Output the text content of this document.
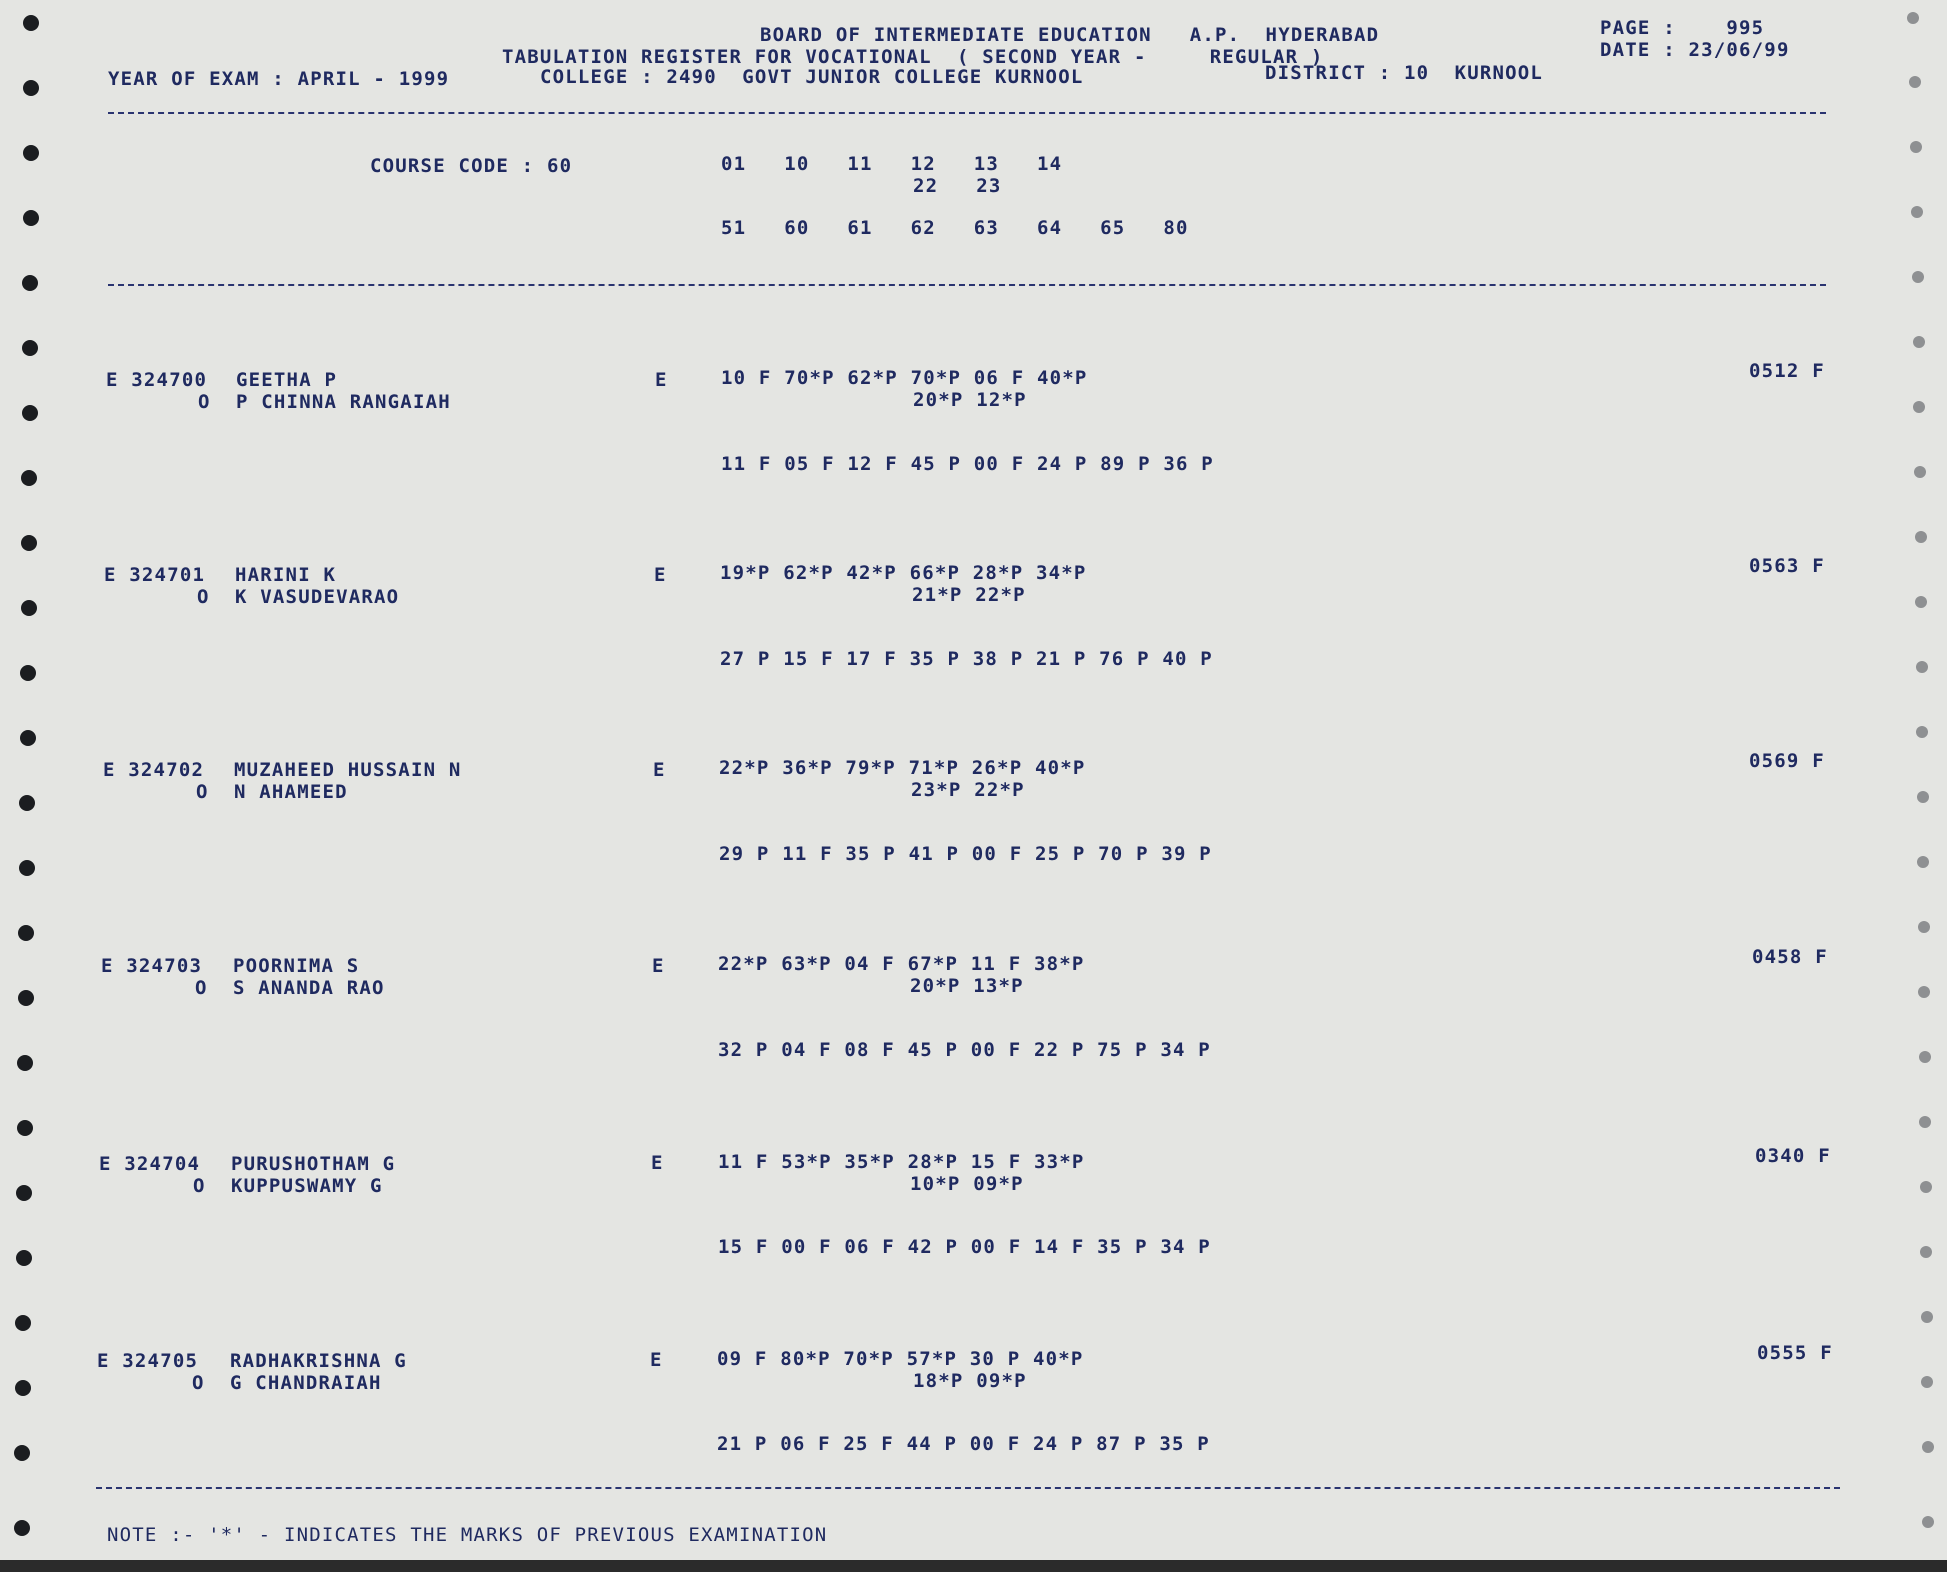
BOARD OF INTERMEDIATE EDUCATION   A.P.  HYDERABAD
TABULATION REGISTER FOR VOCATIONAL  ( SECOND YEAR -     REGULAR )
YEAR OF EXAM : APRIL - 1999	COLLEGE : 2490  GOVT JUNIOR COLLEGE KURNOOL	DISTRICT : 10  KURNOOL
PAGE :    995
DATE : 23/06/99
COURSE CODE : 60	01   10   11   12   13   14
22   23
51   60   61   62   63   64   65   80
E 324700 GEETHA P
O P CHINNA RANGAIAH
E	10 F 70*P 62*P 70*P 06 F 40*P
20*P 12*P
11 F 05 F 12 F 45 P 00 F 24 P 89 P 36 P
0512 F
E 324701 HARINI K
O K VASUDEVARAO
E	19*P 62*P 42*P 66*P 28*P 34*P
21*P 22*P
27 P 15 F 17 F 35 P 38 P 21 P 76 P 40 P
0563 F
E 324702 MUZAHEED HUSSAIN N
O N AHAMEED
E	22*P 36*P 79*P 71*P 26*P 40*P
23*P 22*P
29 P 11 F 35 P 41 P 00 F 25 P 70 P 39 P
0569 F
E 324703 POORNIMA S
O S ANANDA RAO
E	22*P 63*P 04 F 67*P 11 F 38*P
20*P 13*P
32 P 04 F 08 F 45 P 00 F 22 P 75 P 34 P
0458 F
E 324704 PURUSHOTHAM G
O KUPPUSWAMY G
E	11 F 53*P 35*P 28*P 15 F 33*P
10*P 09*P
15 F 00 F 06 F 42 P 00 F 14 F 35 P 34 P
0340 F
E 324705 RADHAKRISHNA G
O G CHANDRAIAH
E	09 F 80*P 70*P 57*P 30 P 40*P
18*P 09*P
21 P 06 F 25 F 44 P 00 F 24 P 87 P 35 P
0555 F
NOTE :- '*' - INDICATES THE MARKS OF PREVIOUS EXAMINATION
